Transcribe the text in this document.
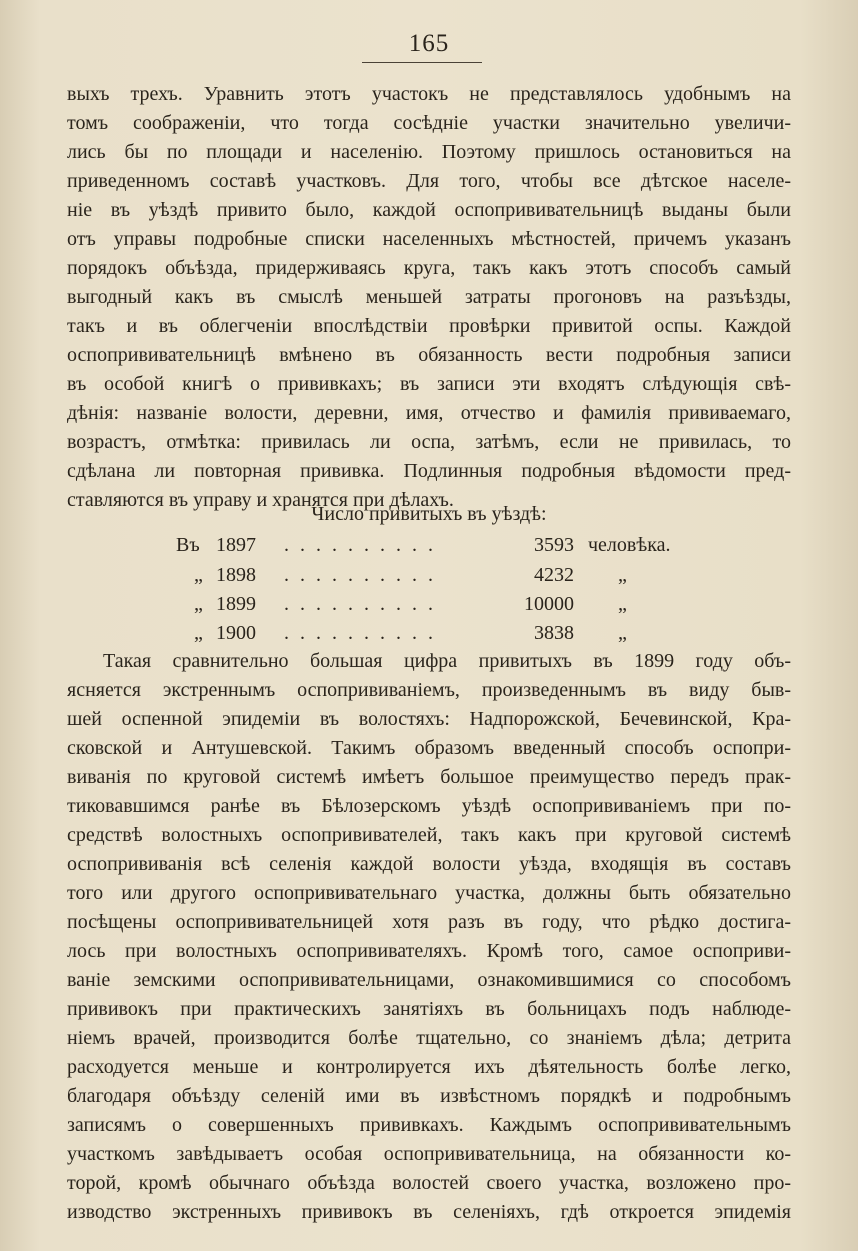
165
выхъ трехъ. Уравнить этотъ участокъ не представлялось удобнымъ на
томъ соображенiи, что тогда сосѣднiе участки значительно увеличи-
лись бы по площади и населенiю. Поэтому пришлось остановиться на
приведенномъ составѣ участковъ. Для того, чтобы все дѣтское населе-
нiе въ уѣздѣ привито было, каждой оспопрививательницѣ выданы были
отъ управы подробные списки населенныхъ мѣстностей, причемъ указанъ
порядокъ объѣзда, придерживаясь круга, такъ какъ этотъ способъ самый
выгодный какъ въ смыслѣ меньшей затраты прогоновъ на разъѣзды,
такъ и въ облегченiи впослѣдствiи провѣрки привитой оспы. Каждой
оспопрививательницѣ вмѣнено въ обязанность вести подробныя записи
въ особой книгѣ о прививкахъ; въ записи эти входятъ слѣдующiя свѣ-
дѣнiя: названiе волости, деревни, имя, отчество и фамилiя прививаемаго,
возрастъ, отмѣтка: привилась ли оспа, затѣмъ, если не привилась, то
сдѣлана ли повторная прививка. Подлинныя подробныя вѣдомости пред-
ставляются въ управу и хранятся при дѣлахъ.
Число привитыхъ въ уѣздѣ:
Въ 1897 . . . . . . . . . .	3593 человѣка.
„ 1898 . . . . . . . . . .	4232 „
„ 1899 . . . . . . . . . .	10000 „
„ 1900 . . . . . . . . . .	3838 „
Такая сравнительно большая цифра привитыхъ въ 1899 году объ-
ясняется экстреннымъ оспопрививанiемъ, произведеннымъ въ виду быв-
шей оспенной эпидемiи въ волостяхъ: Надпорожской, Бечевинской, Кра-
сковской и Антушевской. Такимъ образомъ введенный способъ оспопри-
виванiя по круговой системѣ имѣетъ большое преимущество передъ прак-
тиковавшимся ранѣе въ Бѣлозерскомъ уѣздѣ оспопрививанiемъ при по-
средствѣ волостныхъ оспопрививателей, такъ какъ при круговой системѣ
оспопрививанiя всѣ селенiя каждой волости уѣзда, входящiя въ составъ
того или другого оспопрививательнаго участка, должны быть обязательно
посѣщены оспопрививательницей хотя разъ въ году, что рѣдко достига-
лось при волостныхъ оспопрививателяхъ. Кромѣ того, самое оспоприви-
ванiе земскими оспопрививательницами, ознакомившимися со способомъ
прививокъ при практическихъ занятiяхъ въ больницахъ подъ наблюде-
нiемъ врачей, производится болѣе тщательно, со знанiемъ дѣла; детрита
расходуется меньше и контролируется ихъ дѣятельность болѣе легко,
благодаря объѣзду селенiй ими въ извѣстномъ порядкѣ и подробнымъ
записямъ о совершенныхъ прививкахъ. Каждымъ оспопрививательнымъ
участкомъ завѣдываетъ особая оспопрививательница, на обязанности ко-
торой, кромѣ обычнаго объѣзда волостей своего участка, возложено про-
изводство экстренныхъ прививокъ въ селенiяхъ, гдѣ откроется эпидемiя
